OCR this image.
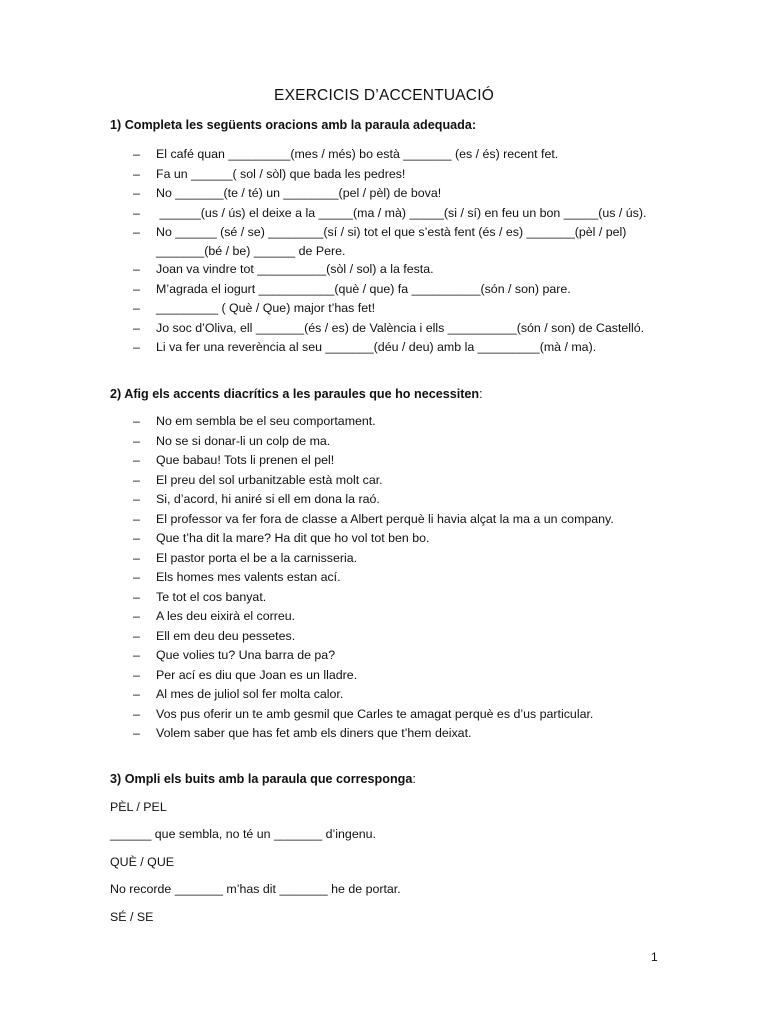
EXERCICIS D’ACCENTUACIÓ
1) Completa les següents oracions amb la paraula adequada:
– El café quan _________(mes / més) bo està _______ (es / és) recent fet.
– Fa un ______( sol / sòl) que bada les pedres!
– No _______(te / té) un ________(pel / pèl) de bova!
– ______(us / ús) el deixe a la _____(ma / mà) _____(si / sí) en feu un bon _____(us / ús).
– No ______ (sé / se) ________(sí / si) tot el que s’està fent (és / es) _______(pèl / pel) _______(bé / be) ______ de Pere.
– Joan va vindre tot __________(sòl / sol) a la festa.
– M’agrada el iogurt ___________(què / que) fa __________(són / son) pare.
– _________ ( Què / Que) major t’has fet!
– Jo soc d’Oliva, ell _______(és / es) de València i ells __________(són / son) de Castelló.
– Li va fer una reverència al seu _______(déu / deu) amb la _________(mà / ma).
2) Afig els accents diacrítics a les paraules que ho necessiten:
– No em sembla be el seu comportament.
– No se si donar-li un colp de ma.
– Que babau! Tots li prenen el pel!
– El preu del sol urbanitzable està molt car.
– Si, d’acord, hi aniré si ell em dona la raó.
– El professor va fer fora de classe a Albert perquè li havia alçat la ma a un company.
– Que t’ha dit la mare? Ha dit que ho vol tot ben bo.
– El pastor porta el be a la carnisseria.
– Els homes mes valents estan ací.
– Te tot el cos banyat.
– A les deu eixirà el correu.
– Ell em deu deu pessetes.
– Que volies tu? Una barra de pa?
– Per ací es diu que Joan es un lladre.
– Al mes de juliol sol fer molta calor.
– Vos pus oferir un te amb gesmil que Carles te amagat perquè es d’us particular.
– Volem saber que has fet amb els diners que t’hem deixat.
3) Ompli els buits amb la paraula que corresponga:
PÈL / PEL
______ que sembla, no té un _______ d’ingenu.
QUÈ / QUE
No recorde _______ m’has dit _______ he de portar.
SÉ / SE
1
